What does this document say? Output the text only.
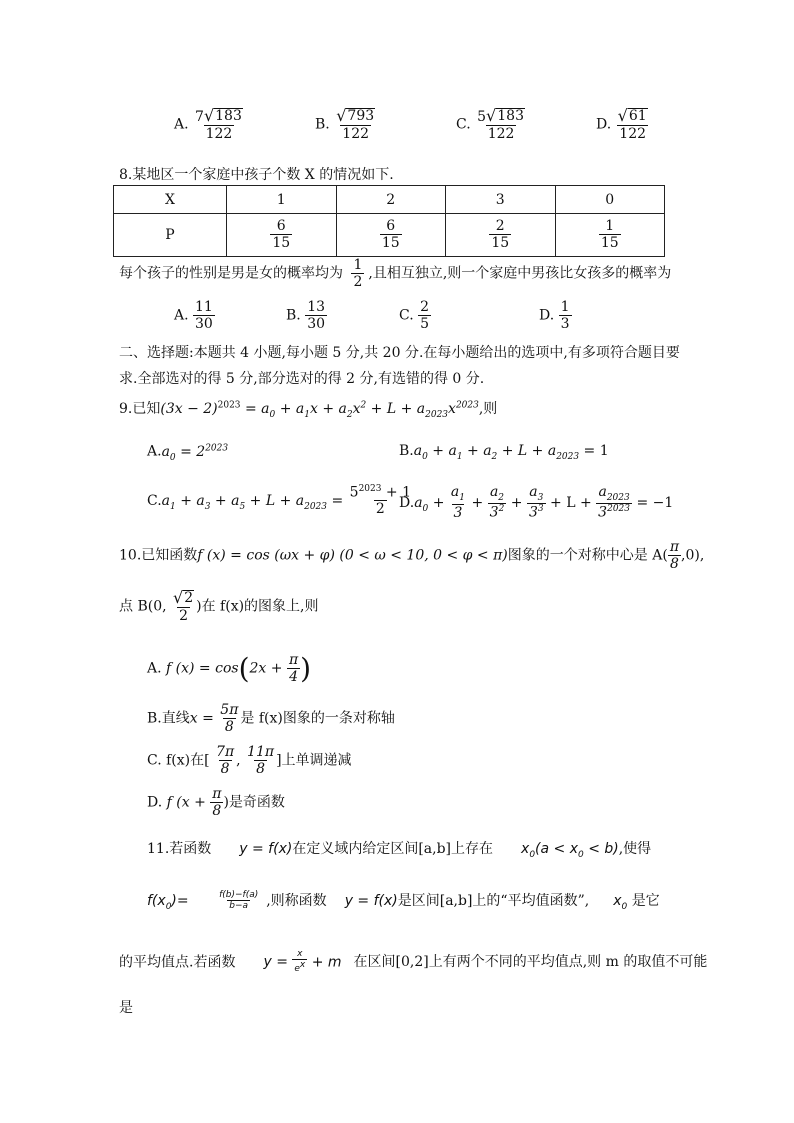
A. $\frac{7 √ 183}{122}$	B. $\frac{√ 793}{122}$	C. $\frac{5 √ 183}{122}$	D. $\frac{√ 61}{122}$
8.某地区一个家庭中孩子个数 X 的情况如下.
X	1	2	3	0
P	$\frac{6}{15}$	$\frac{6}{15}$	$\frac{2}{15}$	$\frac{1}{15}$
每个孩子的性别是男是女的概率均为 $\frac{1}{2}$ ,且相互独立,则一个家庭中男孩比女孩多的概率为
A. $\frac{11}{30}$	B. $\frac{13}{30}$	C. $\frac{2}{5}$	D. $\frac{1}{3}$
二、选择题:本题共 4 小题,每小题 5 分,共 20 分.在每小题给出的选项中,有多项符合题目要
求.全部选对的得 5 分,部分选对的得 2 分,有选错的得 0 分.
9.已知$(3x - 2)^{2023} = a_0 + a_1x + a_2x^2 + L + a_{2023}x^{2023}$,则
$A.a_0 = 2^{2023}$	$B.a_0 + a_1 + a_2 + L + a_{2023} = 1$
$C.a_1 + a_3 + a_5 + L + a_{2023} = \frac{5^{2023} + 1}{2}$
$D.a_0 + \frac{a_1}{3} + \frac{a_2}{3^2} + \frac{a_3}{3^3} + L + \frac{a_{2023}}{3^{2023}} = -1$
10.已知函数f (x) = cos (ωx + φ) (0 < ω < 10, 0 < φ < π)图象的一个对称中心是 $A( \frac{\pi}{8} ,0)$,
点 B(0, $\frac{√ 2}{2}$ )在 f(x)的图象上,则
A. f $(x) = \cos(2x + \frac{\pi}{4}$ )
B.直线$x = \frac{5\pi}{8}$ 是 f(x)图象的一条对称轴
C. f(x)在[ $\frac{7\pi}{8}$ , $\frac{11\pi}{8}$ ]上单调递减
D. f ($x + \frac{\pi}{8}$ )是奇函数
11.若函数 y = f(x)在定义域内给定区间[a,b]上存在 $x_0(a < x_0 < b)$,使得
$f(x_0)=$	$\frac{f(b)-f(a)}{b-a}$ ,则称函数 y = f(x)是区间[a,b]上的“平均值函数”, $x_0$ 是它
的平均值点.若函数 $y = \frac{x}{e^x} + m$ 在区间[0,2]上有两个不同的平均值点,则 m 的取值不可能
是
